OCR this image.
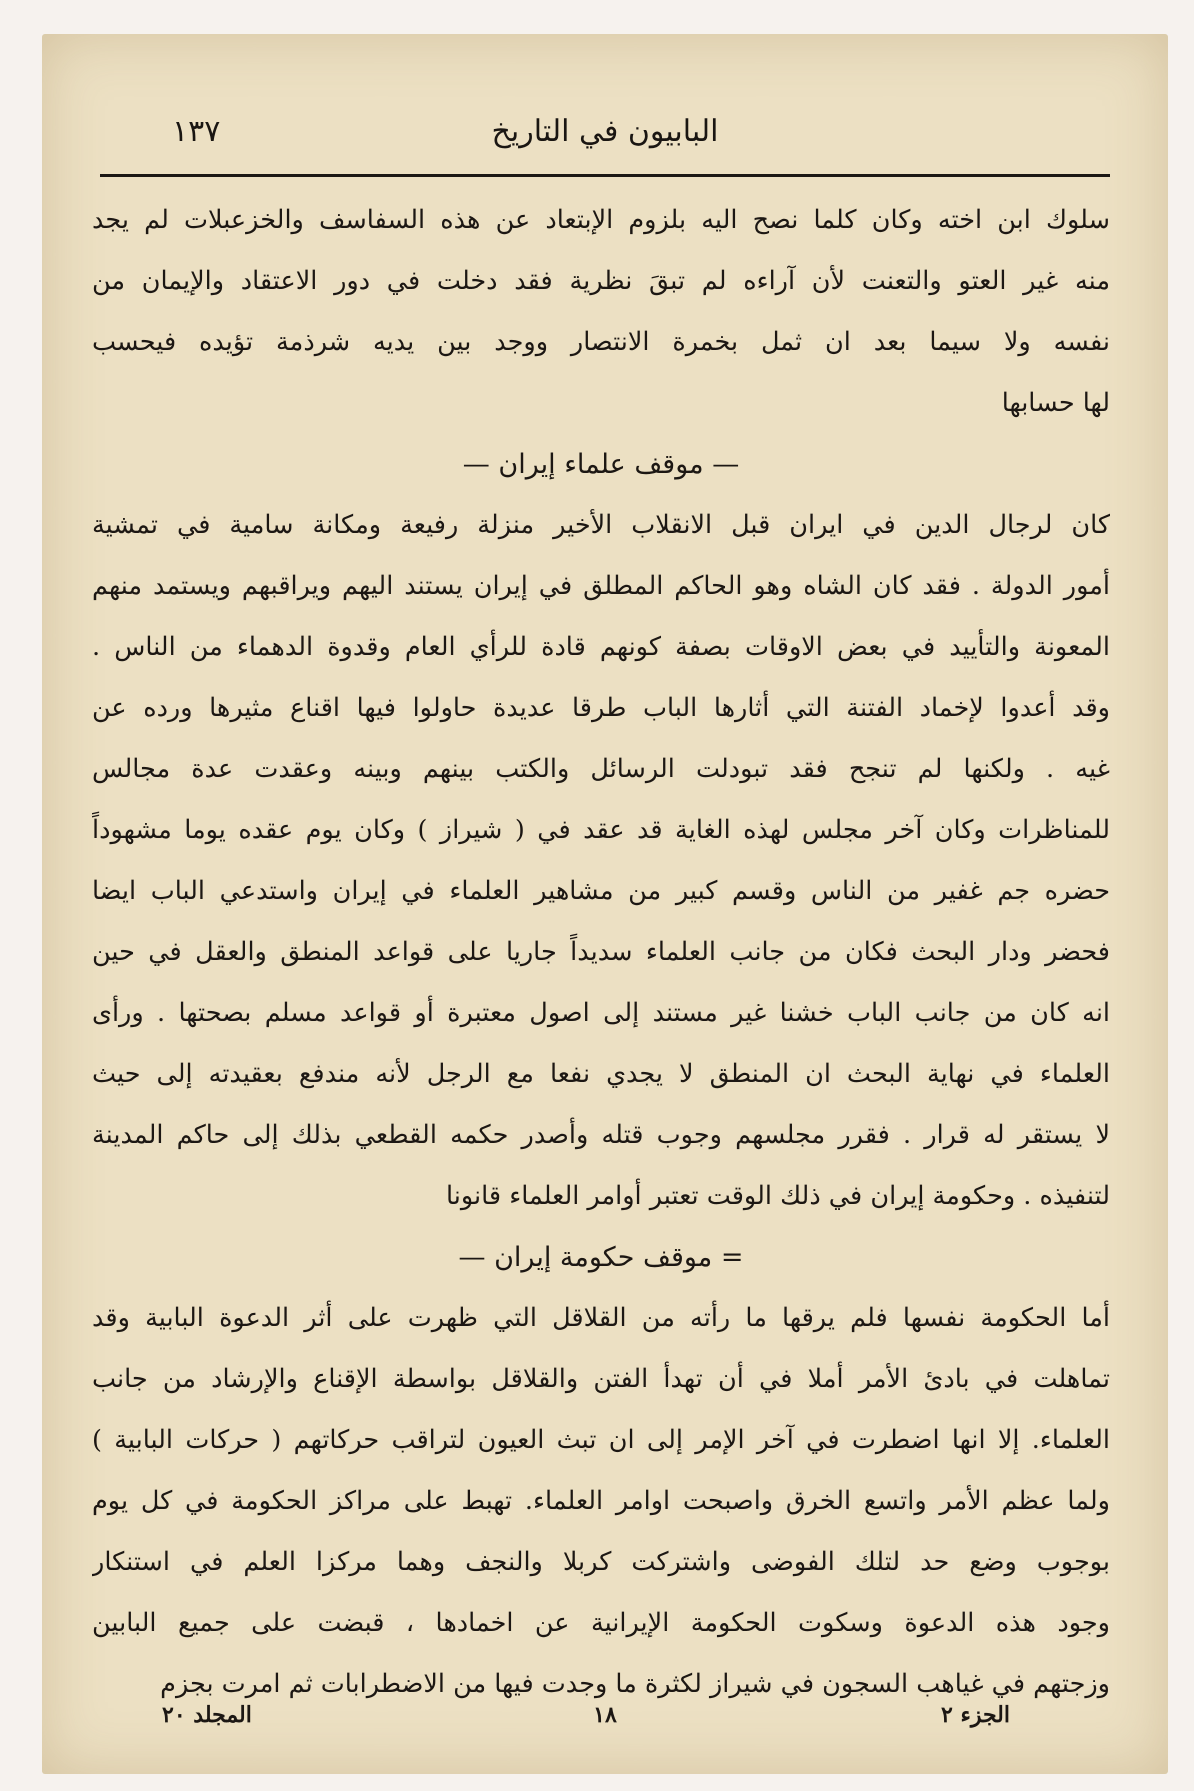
البابيون في التاريخ
١٣٧
سلوك ابن اخته وكان كلما نصح اليه بلزوم الإبتعاد عن هذه السفاسف والخزعبلات لم يجد
منه غير العتو والتعنت لأن آراءه لم تبقَ نظرية فقد دخلت في دور الاعتقاد والإيمان من
نفسه ولا سيما بعد ان ثمل بخمرة الانتصار ووجد بين يديه شرذمة تؤيده فيحسب
لها حسابها
— موقف علماء إيران —
كان لرجال الدين في ايران قبل الانقلاب الأخير منزلة رفيعة ومكانة سامية في تمشية
أمور الدولة . فقد كان الشاه وهو الحاكم المطلق في إيران يستند اليهم ويراقبهم ويستمد منهم
المعونة والتأييد في بعض الاوقات بصفة كونهم قادة للرأي العام وقدوة الدهماء من الناس .
وقد أعدوا لإخماد الفتنة التي أثارها الباب طرقا عديدة حاولوا فيها اقناع مثيرها ورده عن
غيه . ولكنها لم تنجح فقد تبودلت الرسائل والكتب بينهم وبينه وعقدت عدة مجالس
للمناظرات وكان آخر مجلس لهذه الغاية قد عقد في ( شيراز ) وكان يوم عقده يوما مشهوداً
حضره جم غفير من الناس وقسم كبير من مشاهير العلماء في إيران واستدعي الباب ايضا
فحضر ودار البحث فكان من جانب العلماء سديداً جاريا على قواعد المنطق والعقل في حين
انه كان من جانب الباب خشنا غير مستند إلى اصول معتبرة أو قواعد مسلم بصحتها . ورأى
العلماء في نهاية البحث ان المنطق لا يجدي نفعا مع الرجل لأنه مندفع بعقيدته إلى حيث
لا يستقر له قرار . فقرر مجلسهم وجوب قتله وأصدر حكمه القطعي بذلك إلى حاكم المدينة
لتنفيذه . وحكومة إيران في ذلك الوقت تعتبر أوامر العلماء قانونا
= موقف حكومة إيران —
أما الحكومة نفسها فلم يرقها ما رأته من القلاقل التي ظهرت على أثر الدعوة البابية وقد
تماهلت في بادئ الأمر أملا في أن تهدأ الفتن والقلاقل بواسطة الإقناع والإرشاد من جانب
العلماء. إلا انها اضطرت في آخر الإمر إلى ان تبث العيون لتراقب حركاتهم ( حركات البابية )
ولما عظم الأمر واتسع الخرق واصبحت اوامر العلماء. تهبط على مراكز الحكومة في كل يوم
بوجوب وضع حد لتلك الفوضى واشتركت كربلا والنجف وهما مركزا العلم في استنكار
وجود هذه الدعوة وسكوت الحكومة الإيرانية عن اخمادها ، قبضت على جميع البابين
وزجتهم في غياهب السجون في شيراز لكثرة ما وجدت فيها من الاضطرابات ثم امرت بجزم
الجزء ٢
١٨
المجلد ٢٠
